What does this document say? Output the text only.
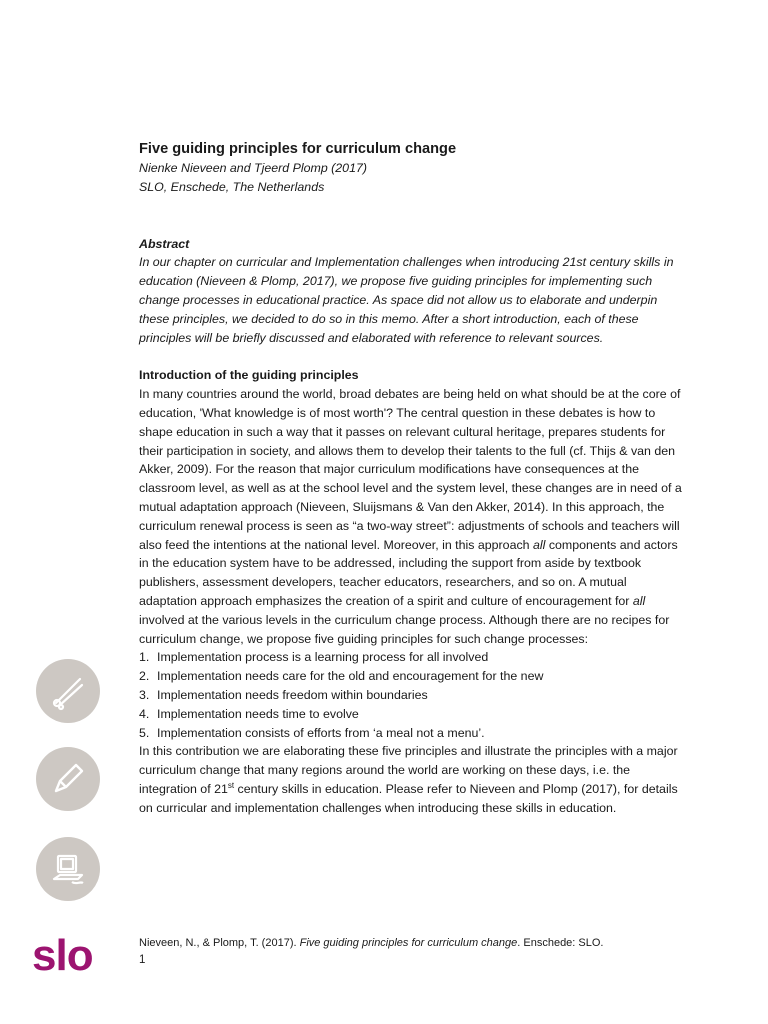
slo
Five guiding principles for curriculum change

Nienke Nieveen and Tjeerd Plomp (2017)

SLO, Enschede, The Netherlands

Abstract

In our chapter on curricular and Implementation challenges when introducing 21st century skills in education (Nieveen & Plomp, 2017), we propose five guiding principles for implementing such change processes in educational practice. As space did not allow us to elaborate and underpin these principles, we decided to do so in this memo. After a short introduction, each of these principles will be briefly discussed and elaborated with reference to relevant sources.

Introduction of the guiding principles

In many countries around the world, broad debates are being held on what should be at the core of education, 'What knowledge is of most worth'? The central question in these debates is how to shape education in such a way that it passes on relevant cultural heritage, prepares students for their participation in society, and allows them to develop their talents to the full (cf. Thijs & van den Akker, 2009). For the reason that major curriculum modifications have consequences at the classroom level, as well as at the school level and the system level, these changes are in need of a mutual adaptation approach (Nieveen, Sluijsmans & Van den Akker, 2014). In this approach, the curriculum renewal process is seen as “a two-way street”: adjustments of schools and teachers will also feed the intentions at the national level. Moreover, in this approach all components and actors in the education system have to be addressed, including the support from aside by textbook publishers, assessment developers, teacher educators, researchers, and so on. A mutual adaptation approach emphasizes the creation of a spirit and culture of encouragement for all involved at the various levels in the curriculum change process. Although there are no recipes for curriculum change, we propose five guiding principles for such change processes:

1. Implementation process is a learning process for all involved
2. Implementation needs care for the old and encouragement for the new
3. Implementation needs freedom within boundaries
4. Implementation needs time to evolve
5. Implementation consists of efforts from ‘a meal not a menu’.

In this contribution we are elaborating these five principles and illustrate the principles with a major curriculum change that many regions around the world are working on these days, i.e. the integration of 21st century skills in education. Please refer to Nieveen and Plomp (2017), for details on curricular and implementation challenges when introducing these skills in education.

Nieveen, N., & Plomp, T. (2017). Five guiding principles for curriculum change. Enschede: SLO.
1
